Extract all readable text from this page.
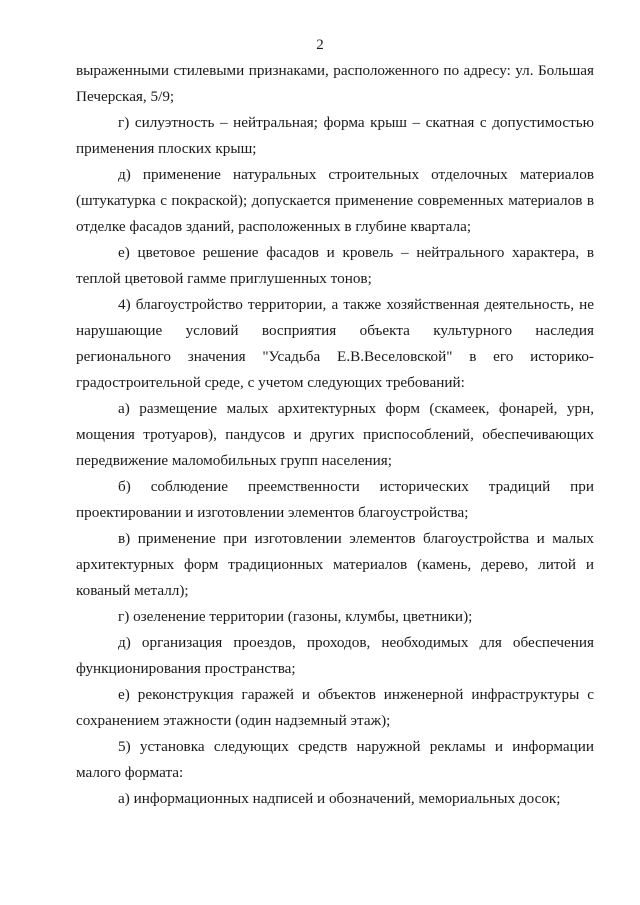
2

выраженными стилевыми признаками, расположенного по адресу: ул. Большая Печерская, 5/9;

г) силуэтность – нейтральная; форма крыш – скатная с допустимостью применения плоских крыш;

д) применение натуральных строительных отделочных материалов (штукатурка с покраской); допускается применение современных материалов в отделке фасадов зданий, расположенных в глубине квартала;

е) цветовое решение фасадов и кровель – нейтрального характера, в теплой цветовой гамме приглушенных тонов;

4) благоустройство территории, а также хозяйственная деятельность, не нарушающие условий восприятия объекта культурного наследия регионального значения "Усадьба Е.В.Веселовской" в его историко-градостроительной среде, с учетом следующих требований:

а) размещение малых архитектурных форм (скамеек, фонарей, урн, мощения тротуаров), пандусов и других приспособлений, обеспечивающих передвижение маломобильных групп населения;

б) соблюдение преемственности исторических традиций при проектировании и изготовлении элементов благоустройства;

в) применение при изготовлении элементов благоустройства и малых архитектурных форм традиционных материалов (камень, дерево, литой и кованый металл);

г) озеленение территории (газоны, клумбы, цветники);

д) организация проездов, проходов, необходимых для обеспечения функционирования пространства;

е) реконструкция гаражей и объектов инженерной инфраструктуры с сохранением этажности (один надземный этаж);

5) установка следующих средств наружной рекламы и информации малого формата:

а) информационных надписей и обозначений, мемориальных досок;
